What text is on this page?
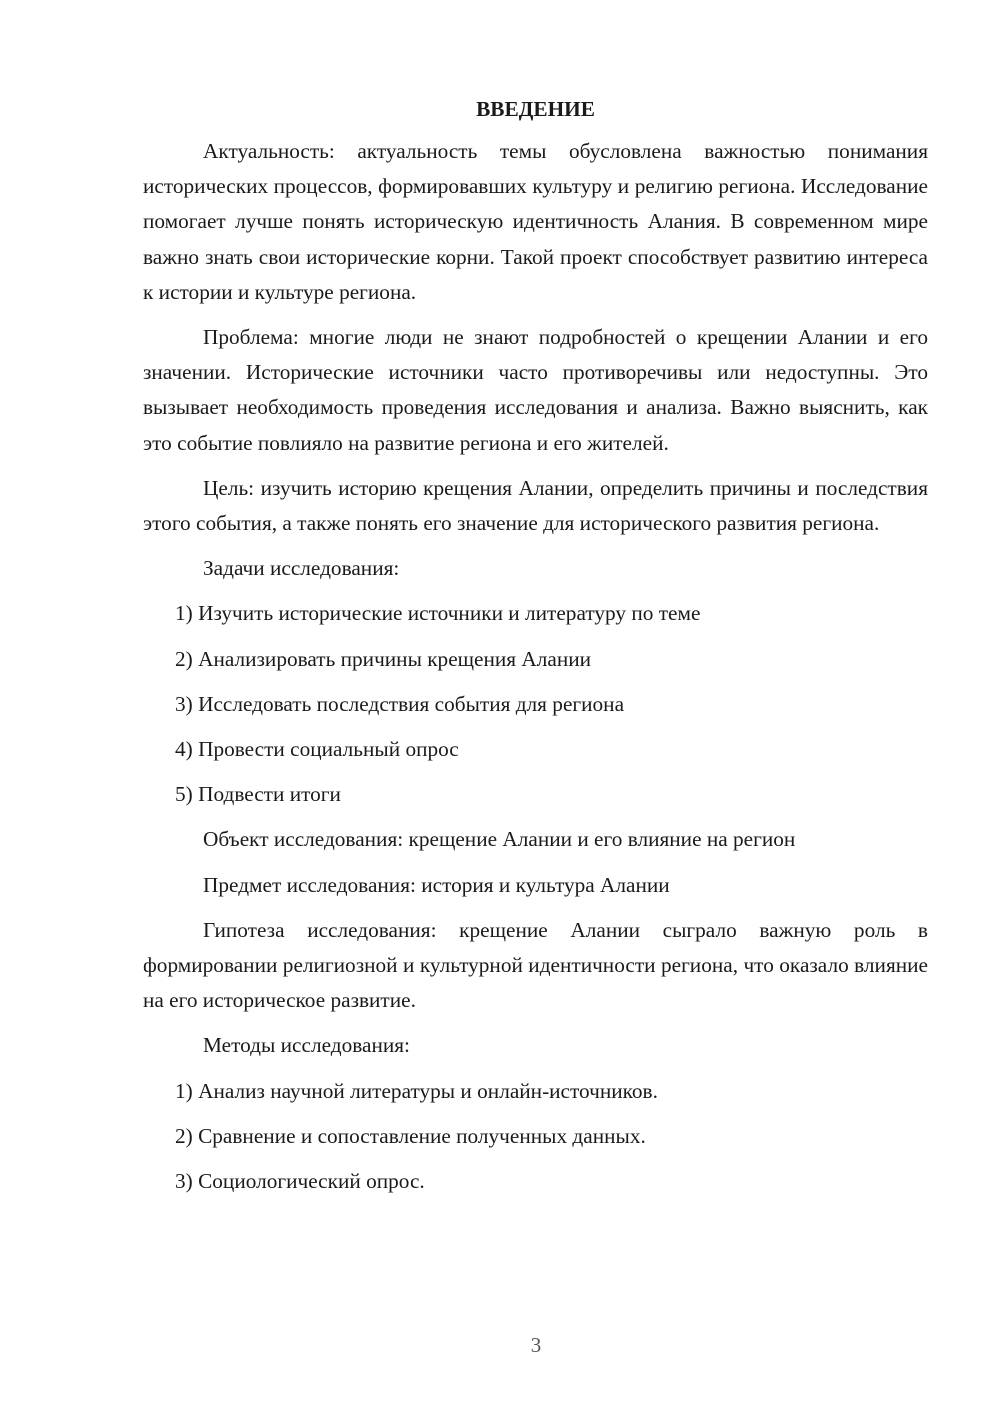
ВВЕДЕНИЕ

Актуальность: актуальность темы обусловлена важностью понимания исторических процессов, формировавших культуру и религию региона. Исследование помогает лучше понять историческую идентичность Алания. В современном мире важно знать свои исторические корни. Такой проект способствует развитию интереса к истории и культуре региона.

Проблема: многие люди не знают подробностей о крещении Алании и его значении. Исторические источники часто противоречивы или недоступны. Это вызывает необходимость проведения исследования и анализа. Важно выяснить, как это событие повлияло на развитие региона и его жителей.

Цель: изучить историю крещения Алании, определить причины и последствия этого события, а также понять его значение для исторического развития региона.

Задачи исследования:
1) Изучить исторические источники и литературу по теме
2) Анализировать причины крещения Алании
3) Исследовать последствия события для региона
4) Провести социальный опрос
5) Подвести итоги
Объект исследования: крещение Алании и его влияние на регион
Предмет исследования: история и культура Алании

Гипотеза исследования: крещение Алании сыграло важную роль в формировании религиозной и культурной идентичности региона, что оказало влияние на его историческое развитие.

Методы исследования:
1) Анализ научной литературы и онлайн-источников.
2) Сравнение и сопоставление полученных данных.
3) Социологический опрос.
3
